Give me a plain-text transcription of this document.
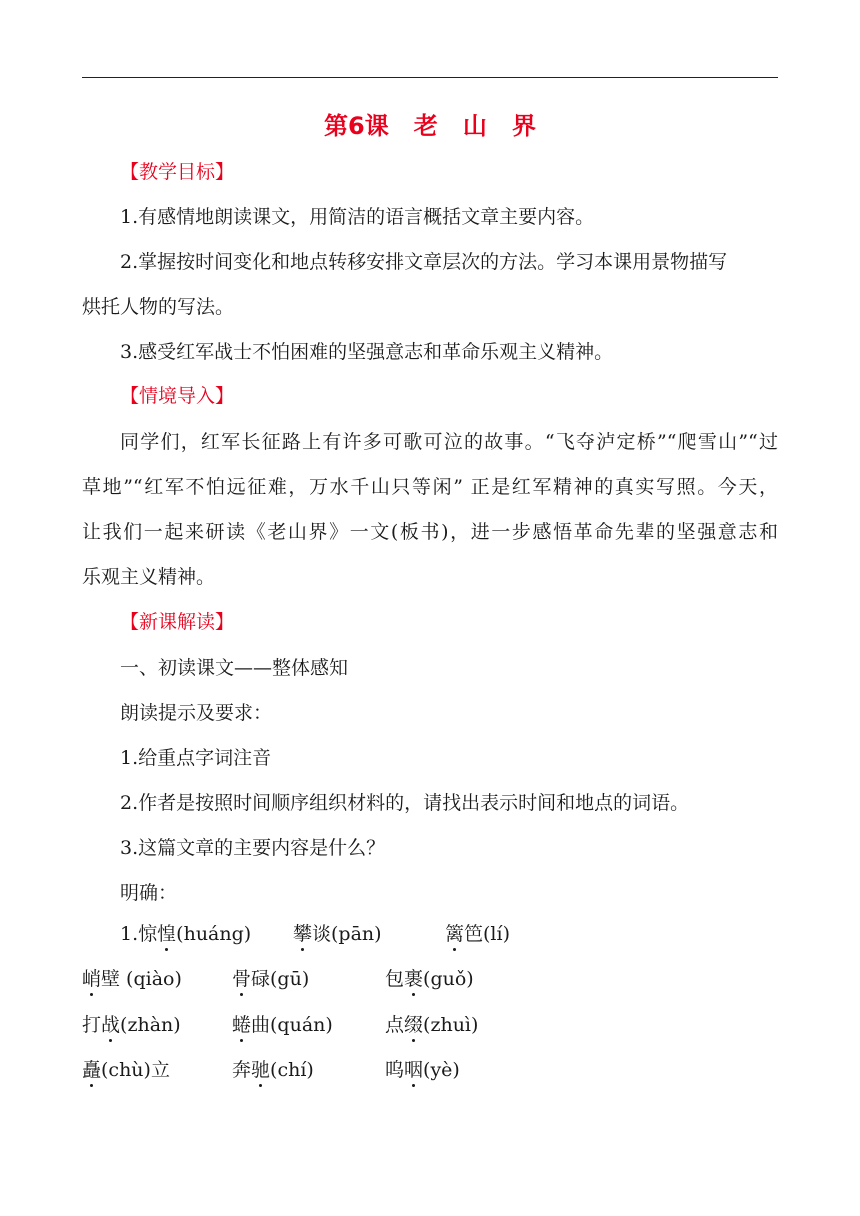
第6课   老   山   界
【教学目标】
1.有感情地朗读课文，用简洁的语言概括文章主要内容。
2.掌握按时间变化和地点转移安排文章层次的方法。学习本课用景物描写
烘托人物的写法。
3.感受红军战士不怕困难的坚强意志和革命乐观主义精神。
【情境导入】
同学们，红军长征路上有许多可歌可泣的故事。“飞夺泸定桥”“爬雪山”“过
草地”“红军不怕远征难，万水千山只等闲” 正是红军精神的真实写照。今天，
让我们一起来研读《老山界》一文(板书)，进一步感悟革命先辈的坚强意志和
乐观主义精神。
【新课解读】
一、初读课文——整体感知
朗读提示及要求：
1.给重点字词注音
2.作者是按照时间顺序组织材料的，请找出表示时间和地点的词语。
3.这篇文章的主要内容是什么？
明确：
1.惊惶(huáng) 攀谈(pān)	篱笆(lí)
峭壁 (qiào)	骨碌(gū)	包裹(guǒ)
打战(zhàn)	蜷曲(quán)	点缀(zhuì)
矗(chù)立	奔驰(chí)	呜咽(yè)
